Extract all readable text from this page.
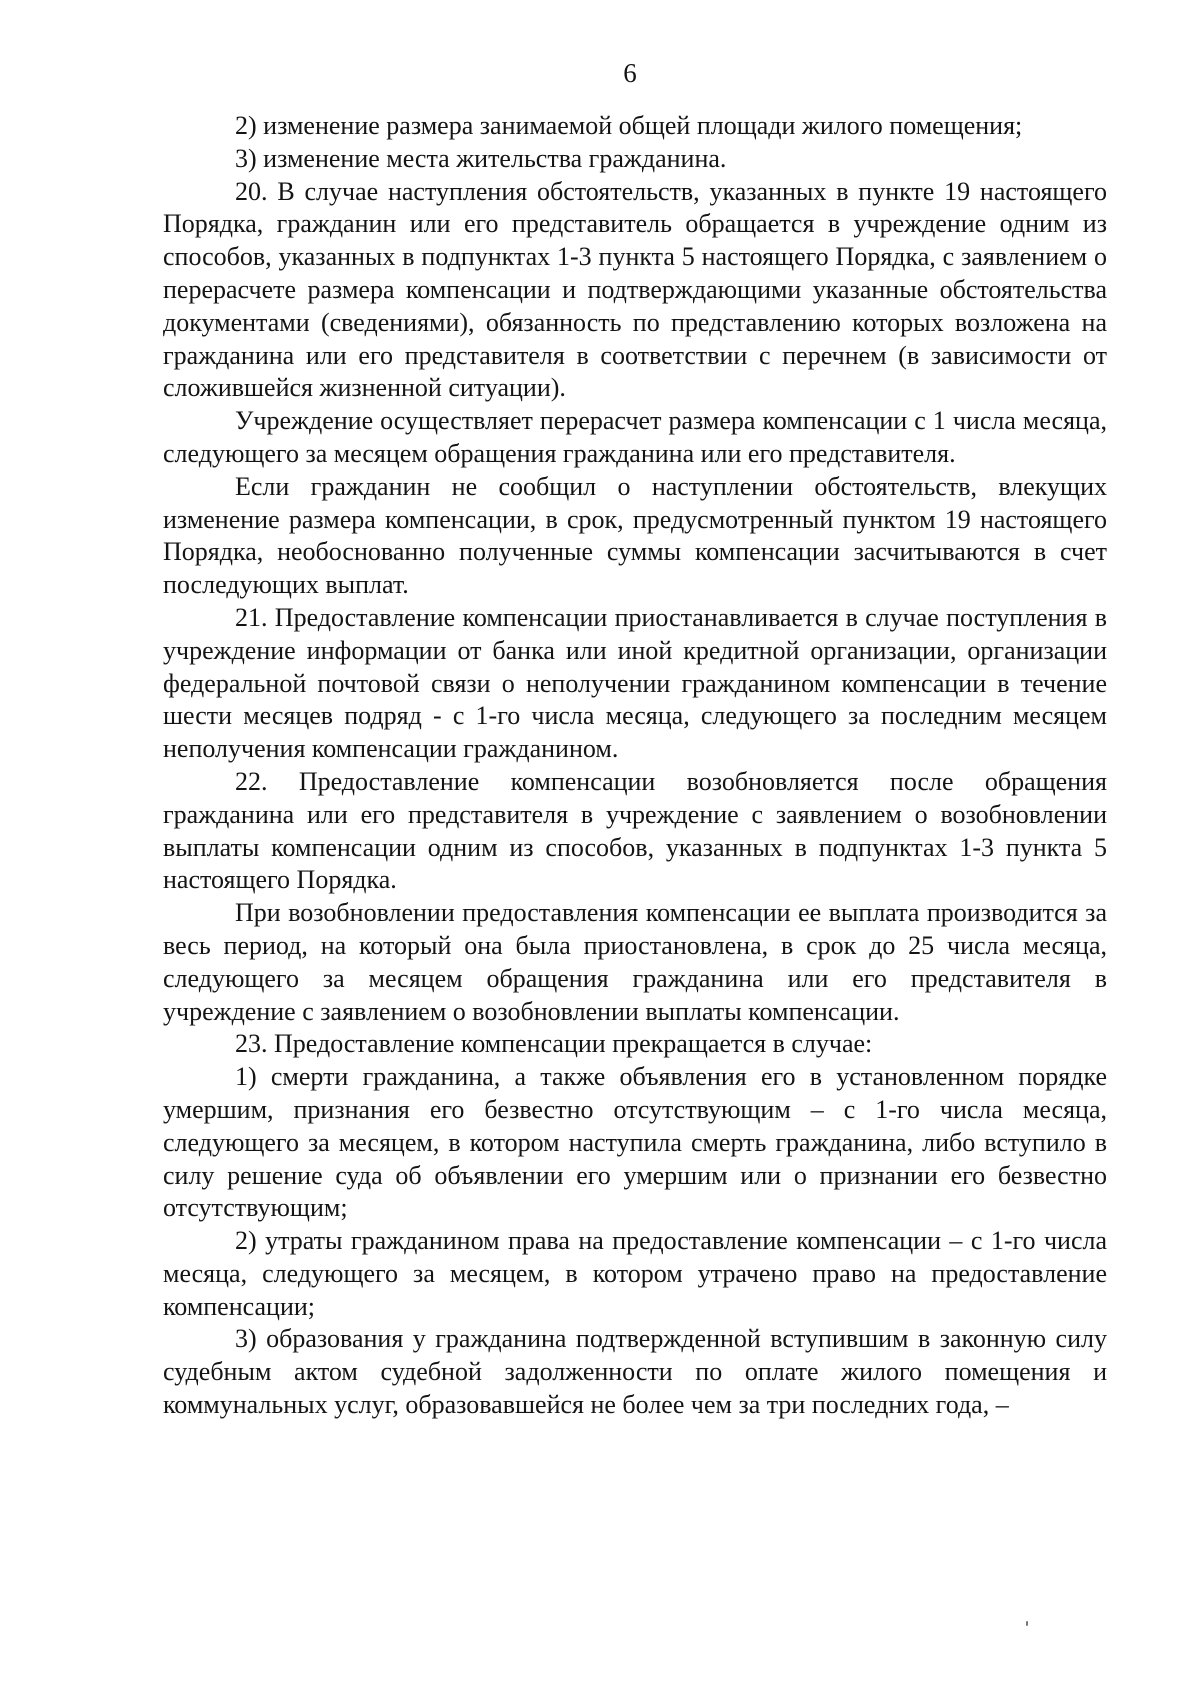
6

2) изменение размера занимаемой общей площади жилого помещения;

3) изменение места жительства гражданина.

20. В случае наступления обстоятельств, указанных в пункте 19 настоящего Порядка, гражданин или его представитель обращается в учреждение одним из способов, указанных в подпунктах 1-3 пункта 5 настоящего Порядка, с заявлением о перерасчете размера компенсации и подтверждающими указанные обстоятельства документами (сведениями), обязанность по представлению которых возложена на гражданина или его представителя в соответствии с перечнем (в зависимости от сложившейся жизненной ситуации).

Учреждение осуществляет перерасчет размера компенсации с 1 числа месяца, следующего за месяцем обращения гражданина или его представителя.

Если гражданин не сообщил о наступлении обстоятельств, влекущих изменение размера компенсации, в срок, предусмотренный пунктом 19 настоящего Порядка, необоснованно полученные суммы компенсации засчитываются в счет последующих выплат.

21. Предоставление компенсации приостанавливается в случае поступления в учреждение информации от банка или иной кредитной организации, организации федеральной почтовой связи о неполучении гражданином компенсации в течение шести месяцев подряд - с 1-го числа месяца, следующего за последним месяцем неполучения компенсации гражданином.

22. Предоставление компенсации возобновляется после обращения гражданина или его представителя в учреждение с заявлением о возобновлении выплаты компенсации одним из способов, указанных в подпунктах 1-3 пункта 5 настоящего Порядка.

При возобновлении предоставления компенсации ее выплата производится за весь период, на который она была приостановлена, в срок до 25 числа месяца, следующего за месяцем обращения гражданина или его представителя в учреждение с заявлением о возобновлении выплаты компенсации.

23. Предоставление компенсации прекращается в случае:

1) смерти гражданина, а также объявления его в установленном порядке умершим, признания его безвестно отсутствующим – с 1-го числа месяца, следующего за месяцем, в котором наступила смерть гражданина, либо вступило в силу решение суда об объявлении его умершим или о признании его безвестно отсутствующим;

2) утраты гражданином права на предоставление компенсации – с 1-го числа месяца, следующего за месяцем, в котором утрачено право на предоставление компенсации;

3) образования у гражданина подтвержденной вступившим в законную силу судебным актом судебной задолженности по оплате жилого помещения и коммунальных услуг, образовавшейся не более чем за три последних года, –
